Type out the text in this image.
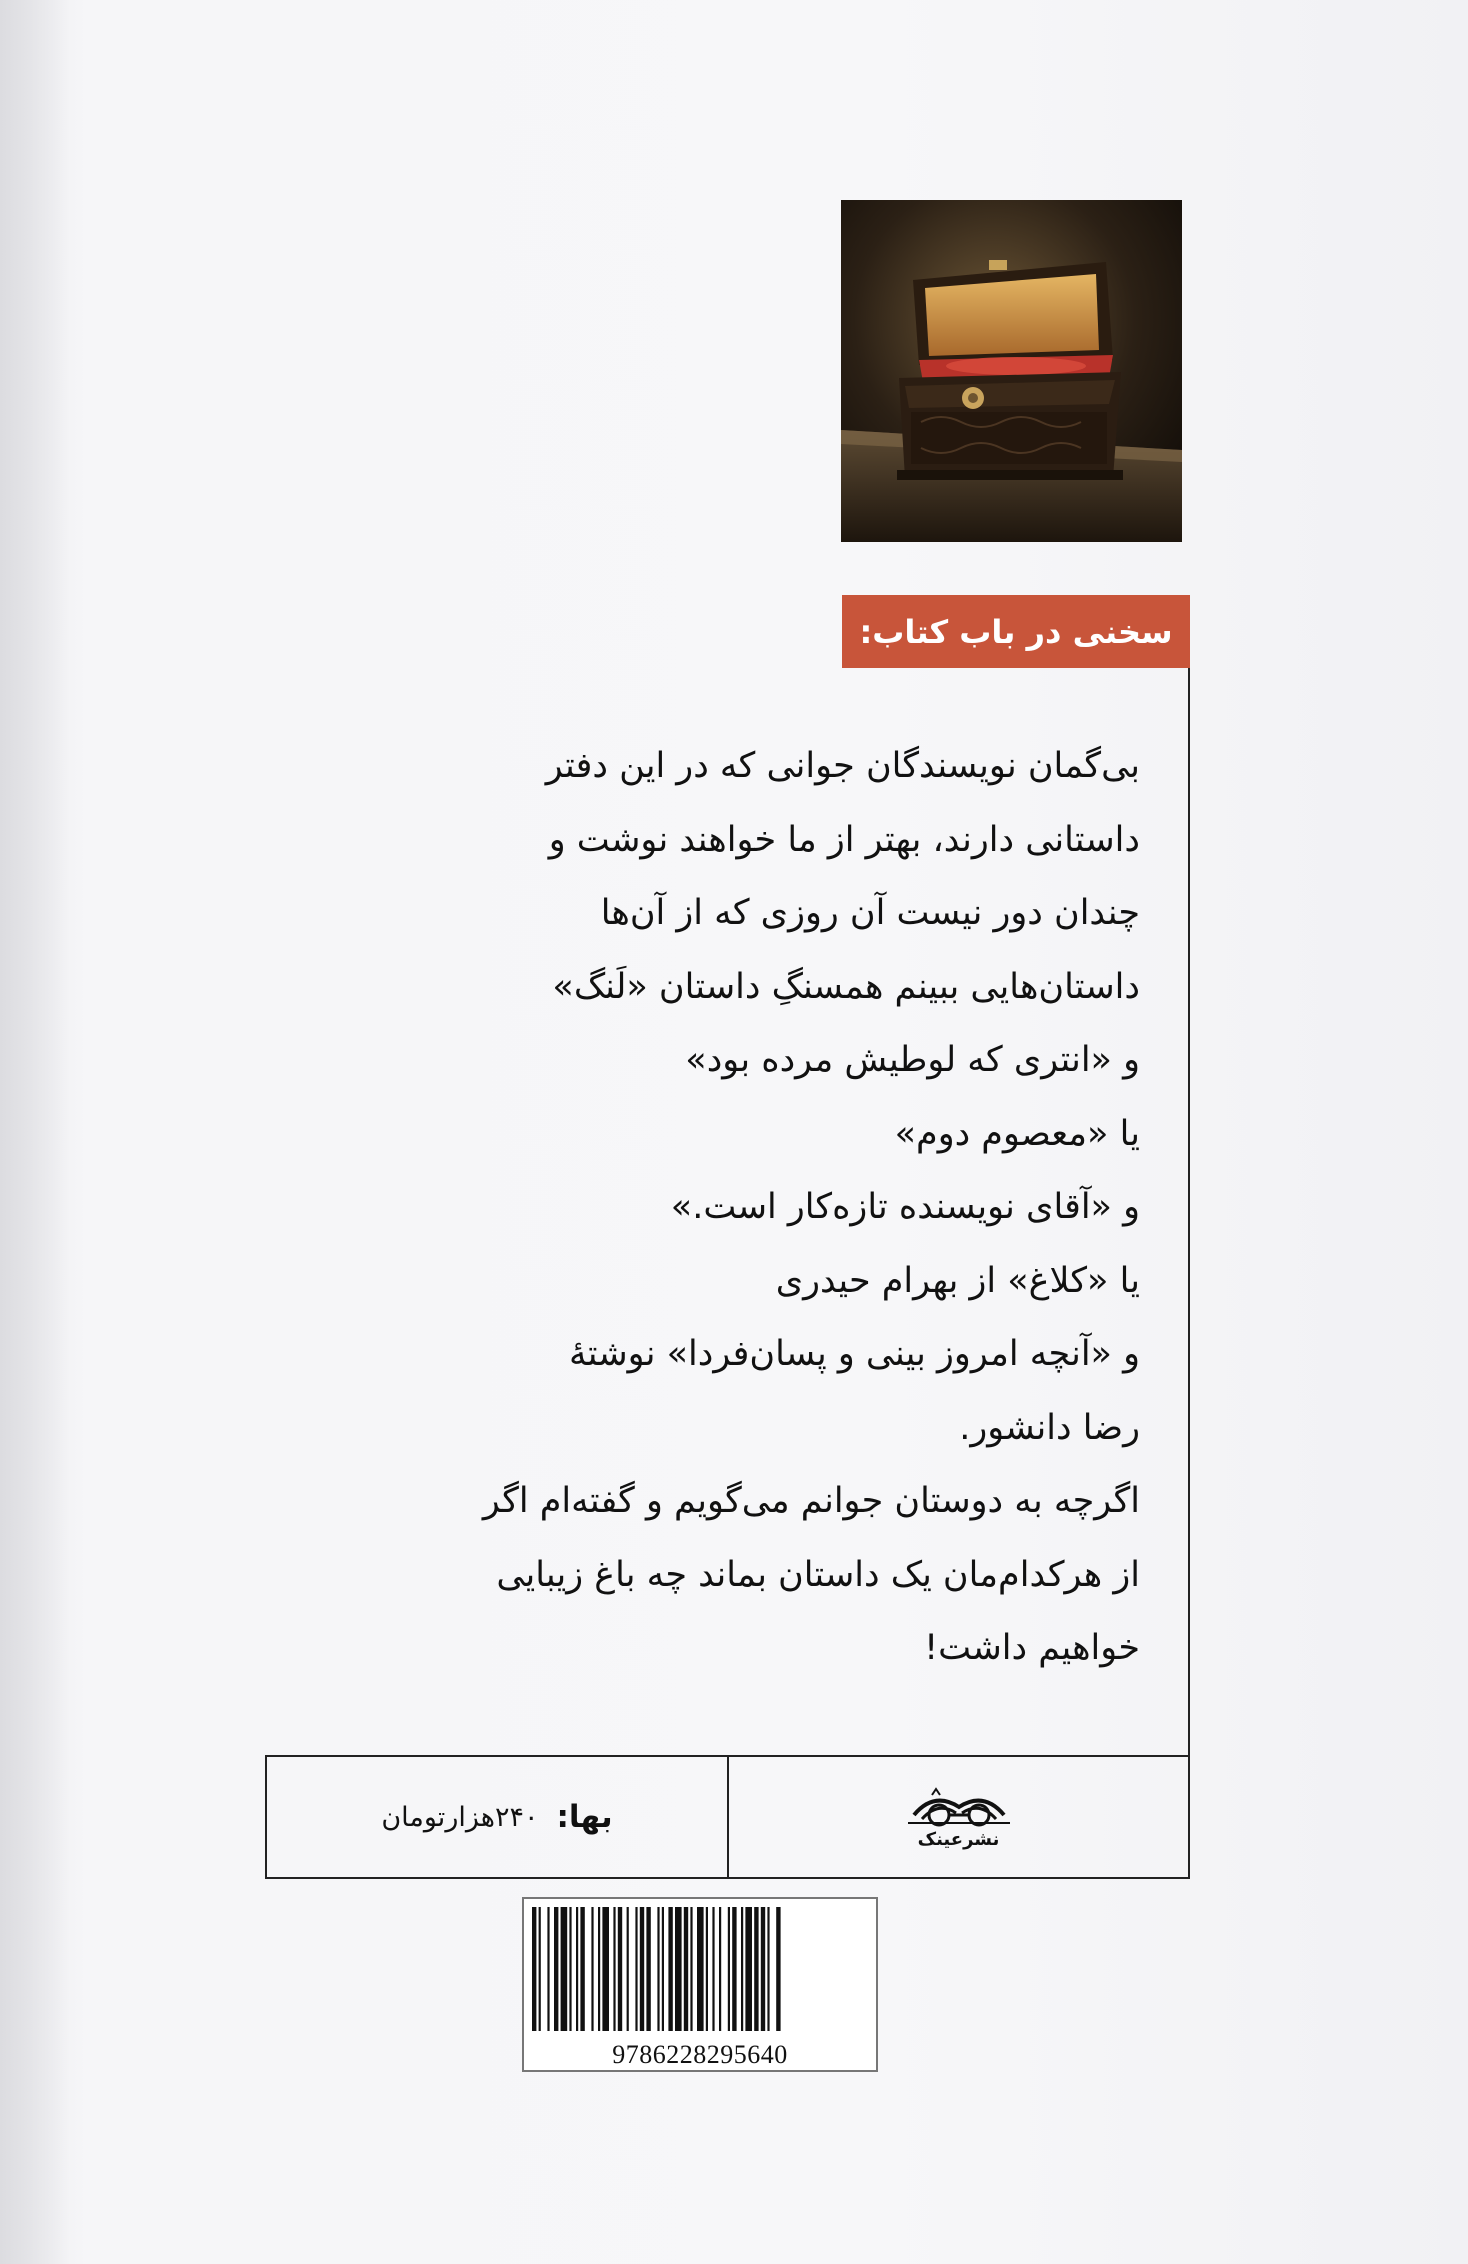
سخنی در باب کتاب:
بی‌گمان نویسندگان جوانی که در این دفتر
داستانی دارند، بهتر از ما خواهند نوشت و
چندان دور نیست آن روزی که از آن‌ها
داستان‌هایی ببینم همسنگِ داستان «لَنگ»
و «انتری که لوطیش مرده بود»
یا «معصوم دوم»
و «آقای نویسنده تازه‌کار است.»
یا «کلاغ» از بهرام حیدری
و «آنچه امروز بینی و پسان‌فردا» نوشتهٔ
رضا دانشور.
اگرچه به دوستان جوانم می‌گویم و گفته‌ام اگر
از هرکدام‌مان یک داستان بماند چه باغ زیبایی
خواهیم داشت!
بها:
۲۴۰هزار‌تومان
نشرعینک
9786228295640
